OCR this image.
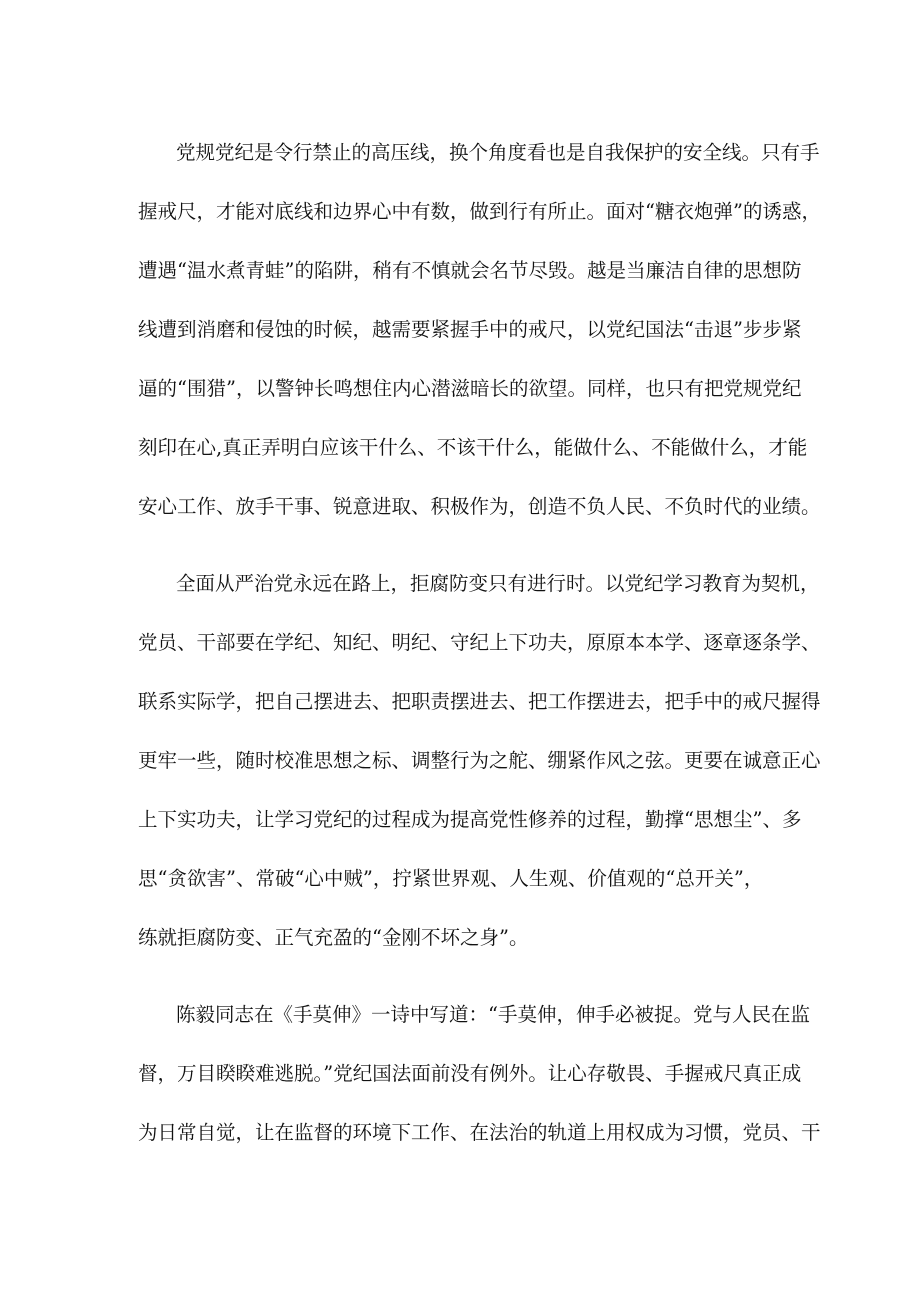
党规党纪是令行禁止的高压线，换个角度看也是自我保护的安全线。只有手

握戒尺，才能对底线和边界心中有数，做到行有所止。面对“糖衣炮弹”的诱惑，

遭遇“温水煮青蛙”的陷阱，稍有不慎就会名节尽毁。越是当廉洁自律的思想防

线遭到消磨和侵蚀的时候，越需要紧握手中的戒尺，以党纪国法“击退”步步紧

逼的“围猎”，以警钟长鸣想住内心潜滋暗长的欲望。同样，也只有把党规党纪

刻印在心,真正弄明白应该干什么、不该干什么，能做什么、不能做什么，才能

安心工作、放手干事、锐意进取、积极作为，创造不负人民、不负时代的业绩。

全面从严治党永远在路上，拒腐防变只有进行时。以党纪学习教育为契机，

党员、干部要在学纪、知纪、明纪、守纪上下功夫，原原本本学、逐章逐条学、

联系实际学，把自己摆进去、把职责摆进去、把工作摆进去，把手中的戒尺握得

更牢一些，随时校准思想之标、调整行为之舵、绷紧作风之弦。更要在诚意正心

上下实功夫，让学习党纪的过程成为提高党性修养的过程，勤撑“思想尘”、多

思“贪欲害”、常破“心中贼”，拧紧世界观、人生观、价值观的“总开关”，

练就拒腐防变、正气充盈的“金刚不坏之身”。

陈毅同志在《手莫伸》一诗中写道：“手莫伸，伸手必被捉。党与人民在监

督，万目睽睽难逃脱。”党纪国法面前没有例外。让心存敬畏、手握戒尺真正成

为日常自觉，让在监督的环境下工作、在法治的轨道上用权成为习惯，党员、干
